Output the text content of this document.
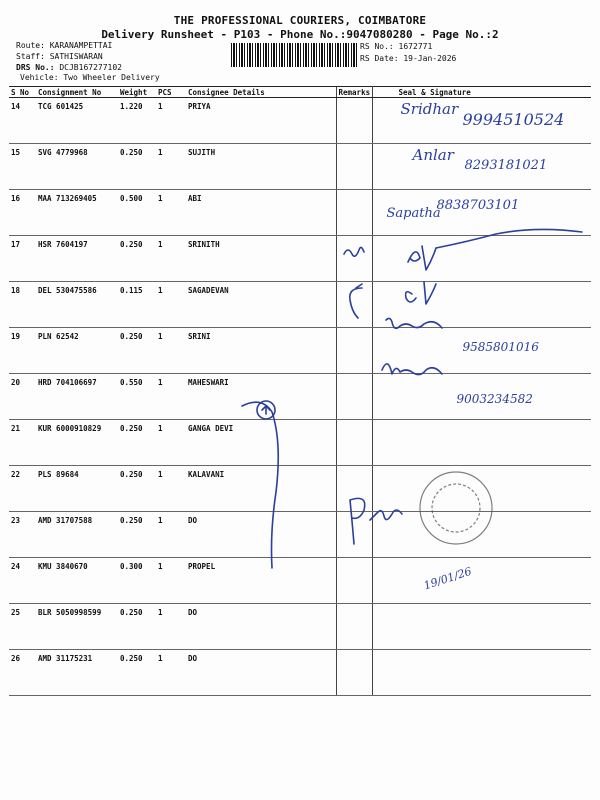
THE PROFESSIONAL COURIERS, COIMBATORE
Delivery Runsheet - P103 - Phone No.:9047080280 - Page No.:2
Route: KARANAMPETTAI
Staff: SATHISWARAN
DRS No.: DCJB167277102
Vehicle: Two Wheeler Delivery
RS No.: 1672771
RS Date: 19-Jan-2026
S No	Consignment No	Weight	PCS	Consignee Details	Remarks	Seal & Signature
14	TCG 601425	1.220	1	PRIYA		Sridhar
9994510524

15	SVG 4779968	0.250	1	SUJITH		Anlar
8293181021

16	MAA 713269405	0.500	1	ABI		Sapatha
8838703101

17	HSR 7604197	0.250	1	SRINITH		
18	DEL 530475586	0.115	1	SAGADEVAN		
19	PLN 62542	0.250	1	SRINI		9585801016

20	HRD 704106697	0.550	1	MAHESWARI		9003234582

21	KUR 6000910829	0.250	1	GANGA DEVI		
22	PLS 89684	0.250	1	KALAVANI		
23	AMD 31707588	0.250	1	DO		
24	KMU 3840670	0.300	1	PROPEL		19/01/26

25	BLR 5050998599	0.250	1	DO		
26	AMD 31175231	0.250	1	DO		
